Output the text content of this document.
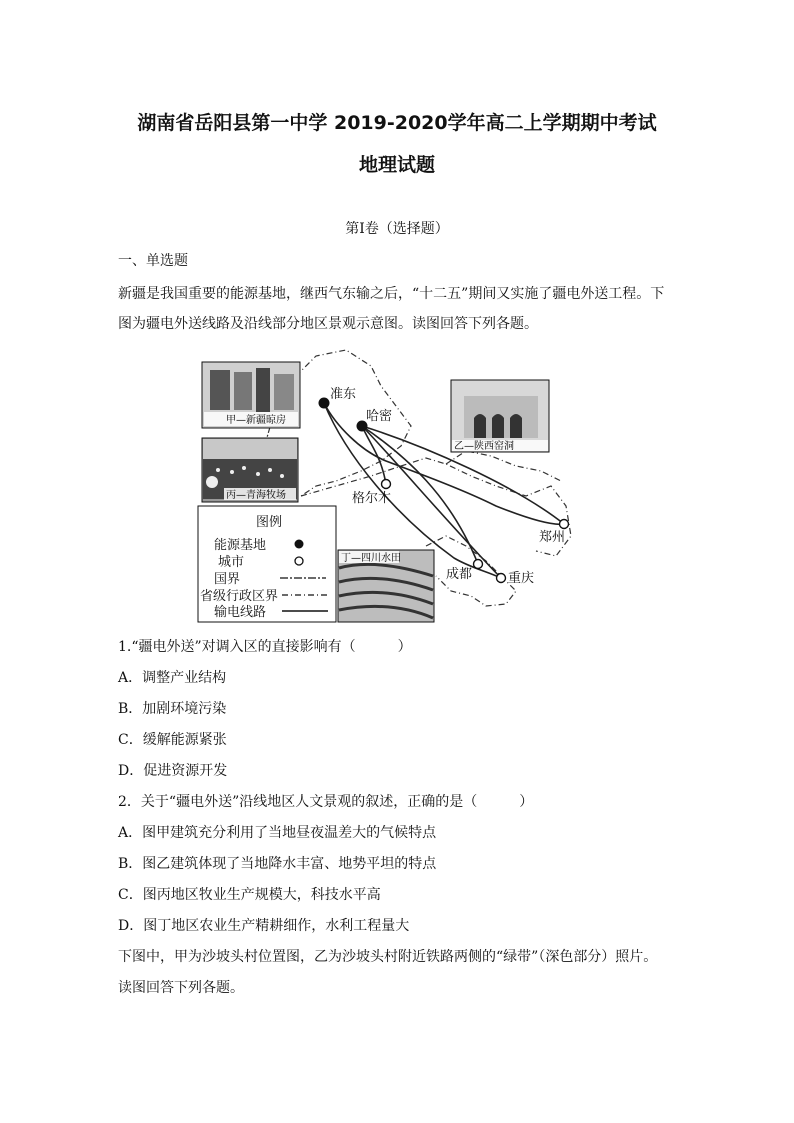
湖南省岳阳县第一中学 2019-2020学年高二上学期期中考试
地理试题
第I卷（选择题）
一、单选题
新疆是我国重要的能源基地，继西气东输之后，“十二五”期间又实施了疆电外送工程。下
图为疆电外送线路及沿线部分地区景观示意图。读图回答下列各题。
准东
哈密
格尔木
郑州
成都	重庆
甲—新疆晾房
乙—陕西窑洞
丙—青海牧场
图例
能源基地
城市
国界
省级行政区界
输电线路
丁—四川水田
1.“疆电外送”对调入区的直接影响有（　　　）
A．调整产业结构
B．加剧环境污染
C．缓解能源紧张
D．促进资源开发
2．关于“疆电外送”沿线地区人文景观的叙述，正确的是（　　　）
A．图甲建筑充分利用了当地昼夜温差大的气候特点
B．图乙建筑体现了当地降水丰富、地势平坦的特点
C．图丙地区牧业生产规模大，科技水平高
D．图丁地区农业生产精耕细作，水利工程量大
下图中，甲为沙坡头村位置图，乙为沙坡头村附近铁路两侧的“绿带”（深色部分）照片。
读图回答下列各题。
